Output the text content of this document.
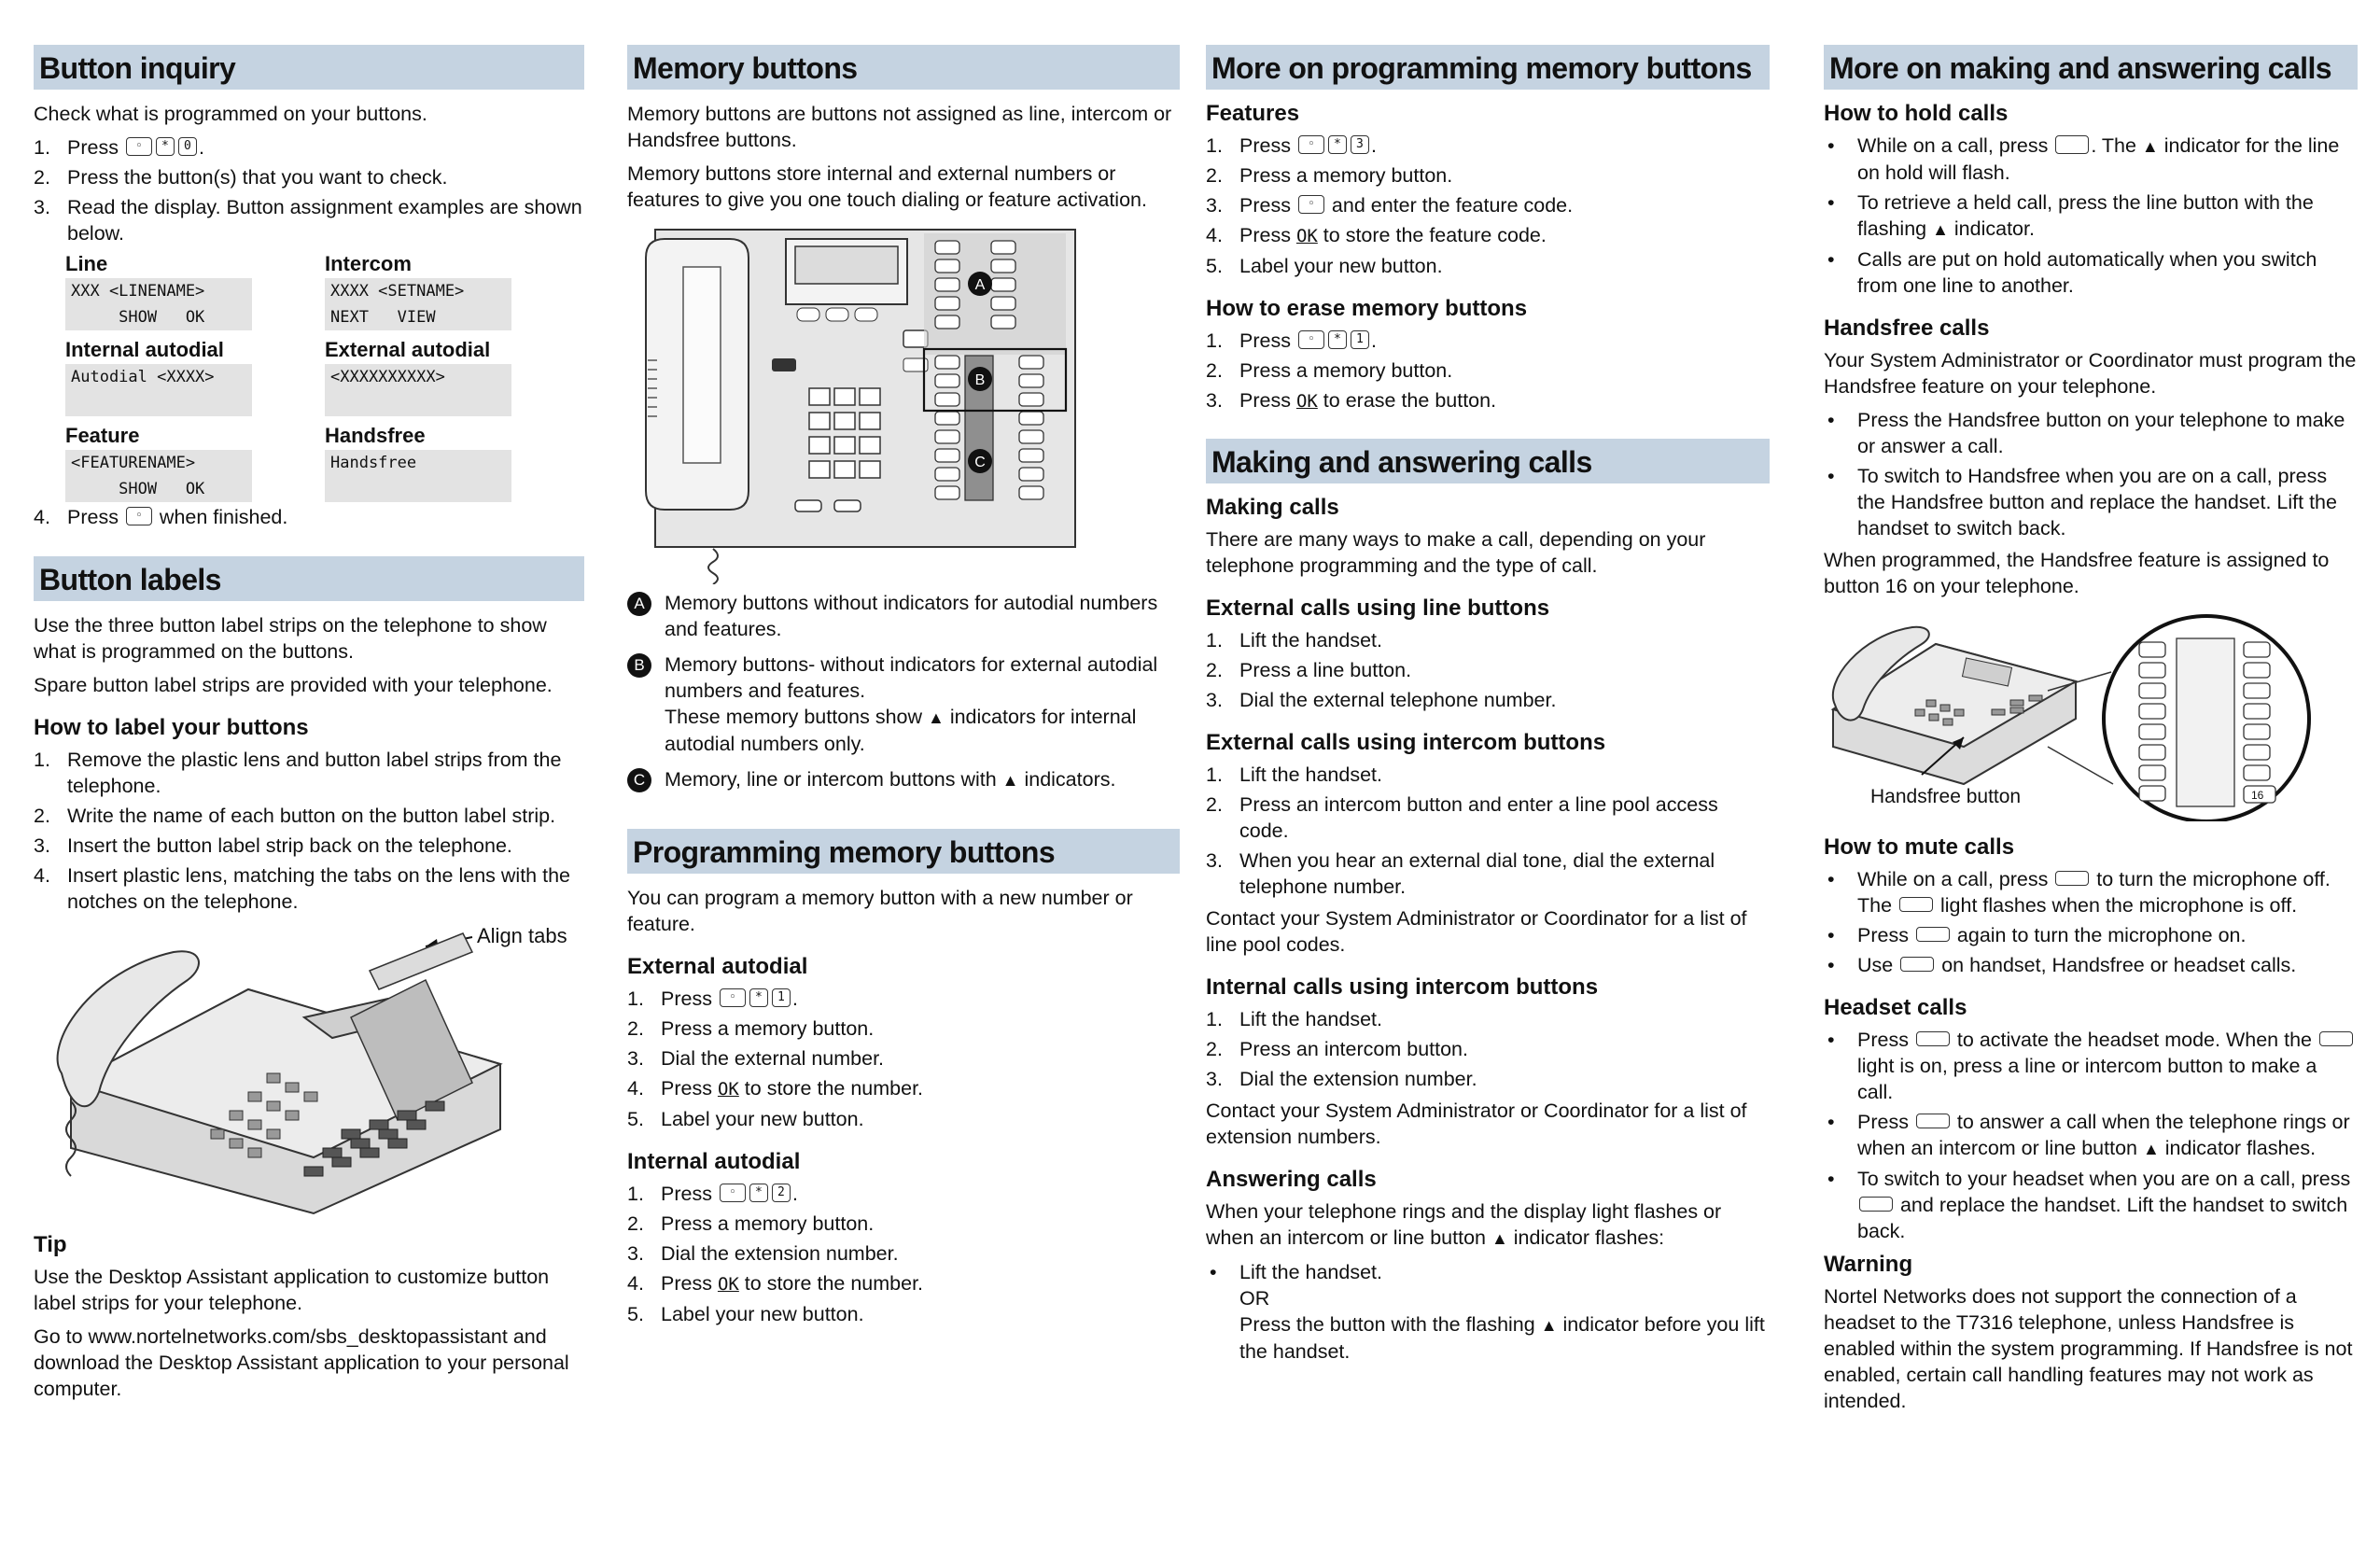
Button inquiry

Check what is programmed on your buttons.

1. Press ◦ * 0 .
2. Press the button(s) that you want to check.
3. Read the display. Button assignment examples are shown below.
Line
XXX <LINENAME>
SHOW   OK
Intercom
XXXX <SETNAME>
NEXT   VIEW
Internal autodial
Autodial <XXXX>
External autodial
<XXXXXXXXXX>
Feature
<FEATURENAME>
SHOW   OK
Handsfree
Handsfree
4. Press ◦ when finished.
Button labels

Use the three button label strips on the telephone to show what is programmed on the buttons.

Spare button label strips are provided with your telephone.

How to label your buttons
1. Remove the plastic lens and button label strips from the telephone.
2. Write the name of each button on the button label strip.
3. Insert the button label strip back on the telephone.
4. Insert plastic lens, matching the tabs on the lens with the notches on the telephone.
Align tabs
Tip

Use the Desktop Assistant application to customize button label strips for your telephone.

Go to www.nortelnetworks.com/sbs_desktopassistant and download the Desktop Assistant application to your personal computer.

Memory buttons

Memory buttons are buttons not assigned as line, intercom or Handsfree buttons.

Memory buttons store internal and external numbers or features to give you one touch dialing or feature activation.

A
B
C
A Memory buttons without indicators for autodial numbers and features.
B Memory buttons- without indicators for external autodial numbers and features.
These memory buttons show ▲ indicators for internal autodial numbers only.
C Memory, line or intercom buttons with ▲ indicators.
Programming memory buttons

You can program a memory button with a new number or feature.

External autodial
1. Press ◦ * 1 .
2. Press a memory button.
3. Dial the external number.
4. Press OK to store the number.
5. Label your new button.
Internal autodial
1. Press ◦ * 2 .
2. Press a memory button.
3. Dial the extension number.
4. Press OK to store the number.
5. Label your new button.
More on programming memory buttons
Features
1. Press ◦ * 3 .
2. Press a memory button.
3. Press ◦ and enter the feature code.
4. Press OK to store the feature code.
5. Label your new button.
How to erase memory buttons
1. Press ◦ * 1 .
2. Press a memory button.
3. Press OK to erase the button.
Making and answering calls
Making calls

There are many ways to make a call, depending on your telephone programming and the type of call.

External calls using line buttons
1. Lift the handset.
2. Press a line button.
3. Dial the external telephone number.
External calls using intercom buttons
1. Lift the handset.
2. Press an intercom button and enter a line pool access code.
3. When you hear an external dial tone, dial the external telephone number.

Contact your System Administrator or Coordinator for a list of line pool codes.

Internal calls using intercom buttons
1. Lift the handset.
2. Press an intercom button.
3. Dial the extension number.

Contact your System Administrator or Coordinator for a list of extension numbers.

Answering calls

When your telephone rings and the display light flashes or when an intercom or line button ▲ indicator flashes:

• Lift the handset.
OR
Press the button with the flashing ▲ indicator before you lift the handset.
More on making and answering calls
How to hold calls
• While on a call, press . The ▲ indicator for the line on hold will flash.
• To retrieve a held call, press the line button with the flashing ▲ indicator.
• Calls are put on hold automatically when you switch from one line to another.
Handsfree calls

Your System Administrator or Coordinator must program the Handsfree feature on your telephone.

• Press the Handsfree button on your telephone to make or answer a call.
• To switch to Handsfree when you are on a call, press the Handsfree button and replace the handset. Lift the handset to switch back.

When programmed, the Handsfree feature is assigned to button 16 on your telephone.

Handsfree button	16
How to mute calls
• While on a call, press  to turn the microphone off. The  light flashes when the microphone is off.
• Press  again to turn the microphone on.
• Use  on handset, Handsfree or headset calls.
Headset calls
• Press  to activate the headset mode. When the  light is on, press a line or intercom button to make a call.
• Press  to answer a call when the telephone rings or when an intercom or line button ▲ indicator flashes.
• To switch to your headset when you are on a call, press  and replace the handset. Lift the handset to switch back.
Warning

Nortel Networks does not support the connection of a headset to the T7316 telephone, unless Handsfree is enabled within the system programming. If Handsfree is not enabled, certain call handling features may not work as intended.
